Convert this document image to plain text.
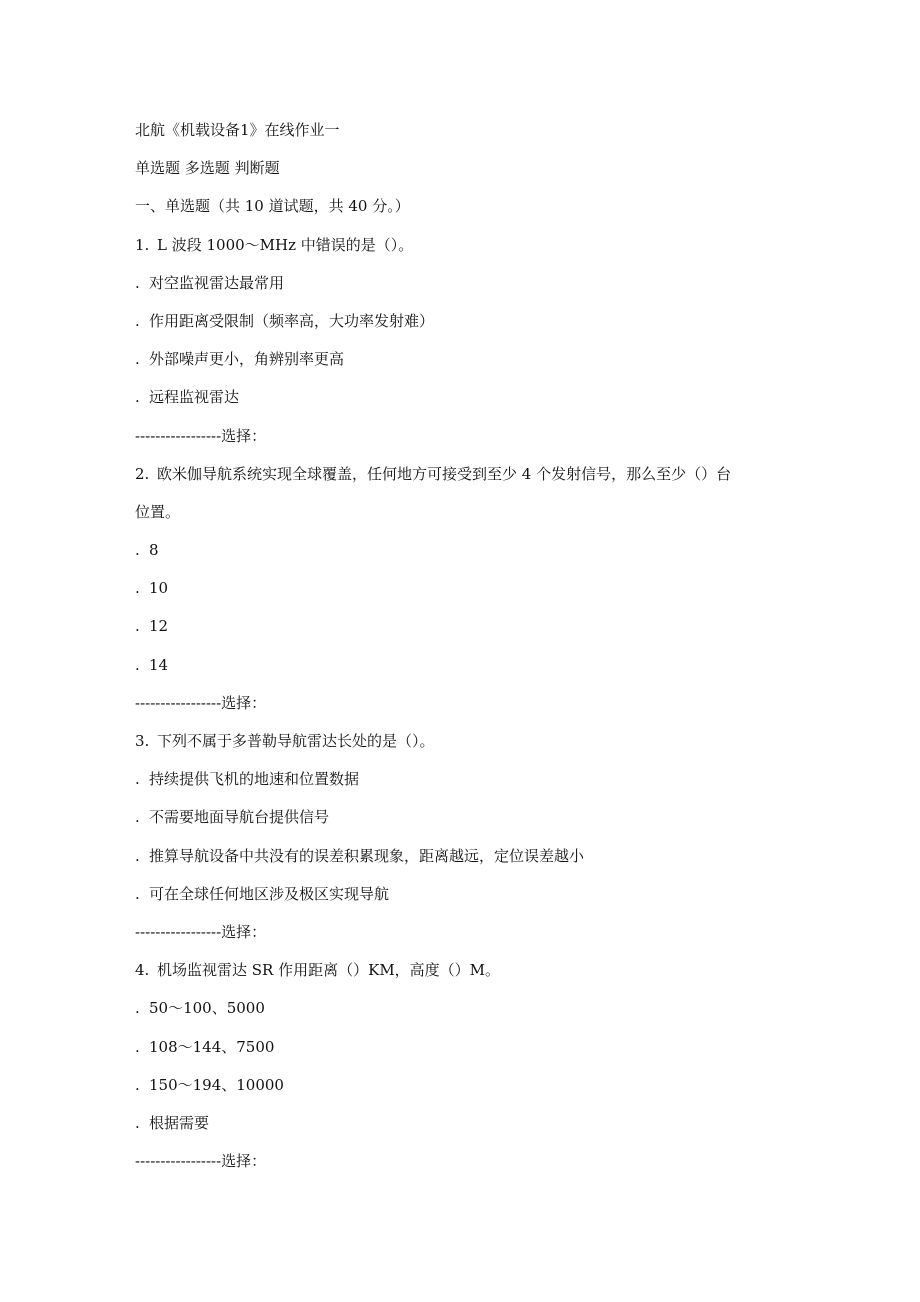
北航《机载设备1》在线作业一
单选题 多选题 判断题
一、单选题（共 10 道试题，共 40 分。）
1. L 波段 1000～MHz 中错误的是（）。
. 对空监视雷达最常用
. 作用距离受限制（频率高，大功率发射难）
. 外部噪声更小，角辨别率更高
. 远程监视雷达
-----------------选择：
2. 欧米伽导航系统实现全球覆盖，任何地方可接受到至少 4 个发射信号，那么至少（）台
位置。
. 8
. 10
. 12
. 14
-----------------选择：
3. 下列不属于多普勒导航雷达长处的是（）。
. 持续提供飞机的地速和位置数据
. 不需要地面导航台提供信号
. 推算导航设备中共没有的误差积累现象，距离越远，定位误差越小
. 可在全球任何地区涉及极区实现导航
-----------------选择：
4. 机场监视雷达 SR 作用距离（）KM，高度（）M。
. 50～100、5000
. 108～144、7500
. 150～194、10000
. 根据需要
-----------------选择：
